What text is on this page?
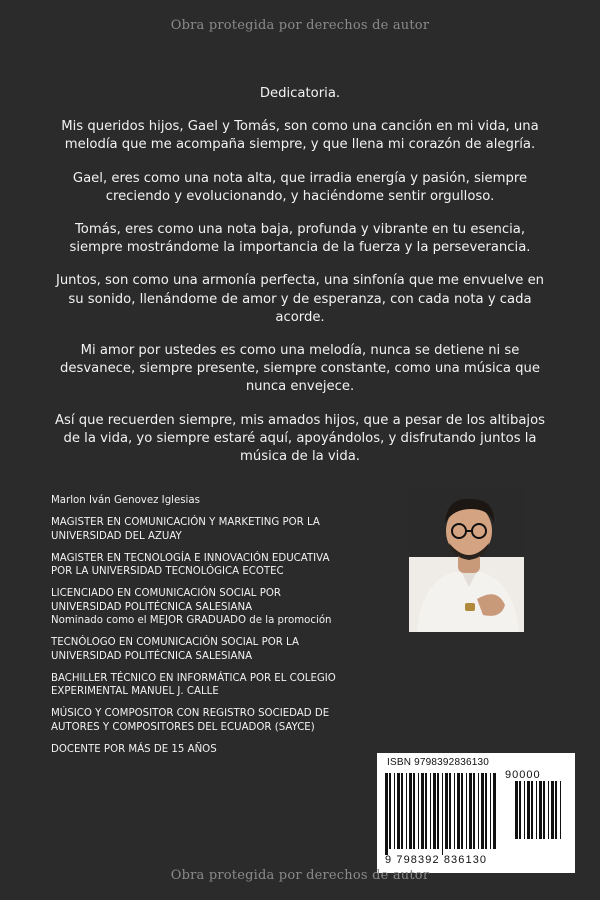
Obra protegida por derechos de autor

Dedicatoria.

Mis queridos hijos, Gael y Tomás, son como una canción en mi vida, una melodía que me acompaña siempre, y que llena mi corazón de alegría.

Gael, eres como una nota alta, que irradia energía y pasión, siempre creciendo y evolucionando, y haciéndome sentir orgulloso.

Tomás, eres como una nota baja, profunda y vibrante en tu esencia, siempre mostrándome la importancia de la fuerza y la perseverancia.

Juntos, son como una armonía perfecta, una sinfonía que me envuelve en su sonido, llenándome de amor y de esperanza, con cada nota y cada acorde.

Mi amor por ustedes es como una melodía, nunca se detiene ni se desvanece, siempre presente, siempre constante, como una música que nunca envejece.

Así que recuerden siempre, mis amados hijos, que a pesar de los altibajos de la vida, yo siempre estaré aquí, apoyándolos, y disfrutando juntos la música de la vida.

Marlon Iván Genovez Iglesias
MAGISTER EN COMUNICACIÓN Y MARKETING POR LA
UNIVERSIDAD DEL AZUAY
MAGISTER EN TECNOLOGÍA E INNOVACIÓN EDUCATIVA
POR LA UNIVERSIDAD TECNOLÓGICA ECOTEC
LICENCIADO EN COMUNICACIÓN SOCIAL POR
UNIVERSIDAD POLITÉCNICA SALESIANA
Nominado como el MEJOR GRADUADO de la promoción
TECNÓLOGO EN COMUNICACIÓN SOCIAL POR LA
UNIVERSIDAD POLITÉCNICA SALESIANA
BACHILLER TÉCNICO EN INFORMÁTICA POR EL COLEGIO
EXPERIMENTAL MANUEL J. CALLE
MÚSICO Y COMPOSITOR CON REGISTRO SOCIEDAD DE
AUTORES Y COMPOSITORES DEL ECUADOR (SAYCE)
DOCENTE POR MÁS DE 15 AÑOS
ISBN 9798392836130
90000
9 798392 836130
Obra protegida por derechos de autor
